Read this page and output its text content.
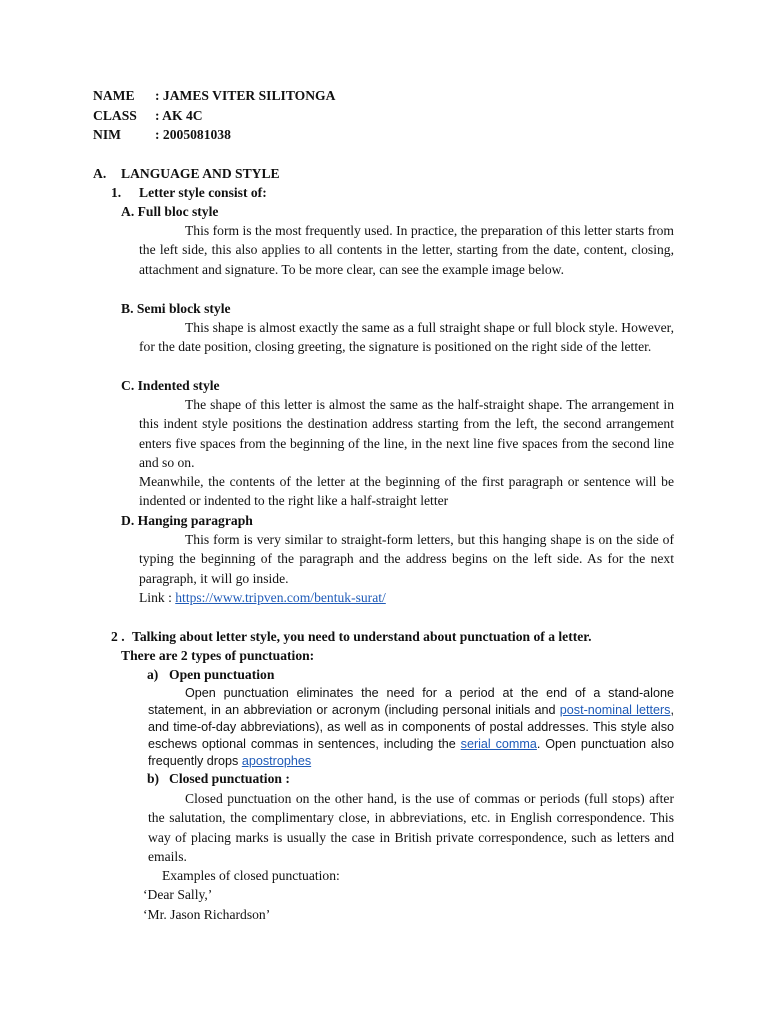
NAME : JAMES VITER SILITONGA
CLASS : AK 4C
NIM	: 2005081038
A. LANGUAGE AND STYLE
1. Letter style consist of:
A. Full bloc style

This form is the most frequently used. In practice, the preparation of this letter starts from the left side, this also applies to all contents in the letter, starting from the date, content, closing, attachment and signature. To be more clear, can see the example image below.

B. Semi block style

This shape is almost exactly the same as a full straight shape or full block style. However, for the date position, closing greeting, the signature is positioned on the right side of the letter.

C. Indented style

The shape of this letter is almost the same as the half-straight shape. The arrangement in this indent style positions the destination address starting from the left, the second arrangement enters five spaces from the beginning of the line, in the next line five spaces from the second line and so on.

Meanwhile, the contents of the letter at the beginning of the first paragraph or sentence will be indented or indented to the right like a half-straight letter

D. Hanging paragraph

This form is very similar to straight-form letters, but this hanging shape is on the side of typing the beginning of the paragraph and the address begins on the left side. As for the next paragraph, it will go inside.

Link : https://www.tripven.com/bentuk-surat/

2 . Talking about letter style, you need to understand about punctuation of a letter.
There are 2 types of punctuation:
a) Open punctuation

Open punctuation eliminates the need for a period at the end of a stand-alone statement, in an abbreviation or acronym (including personal initials and post-nominal letters, and time-of-day abbreviations), as well as in components of postal addresses. This style also eschews optional commas in sentences, including the serial comma. Open punctuation also frequently drops apostrophes

b) Closed punctuation :

Closed punctuation on the other hand, is the use of commas or periods (full stops) after the salutation, the complimentary close, in abbreviations, etc. in English correspondence. This way of placing marks is usually the case in British private correspondence, such as letters and emails.

Examples of closed punctuation:

‘Dear Sally,’

‘Mr. Jason Richardson’
